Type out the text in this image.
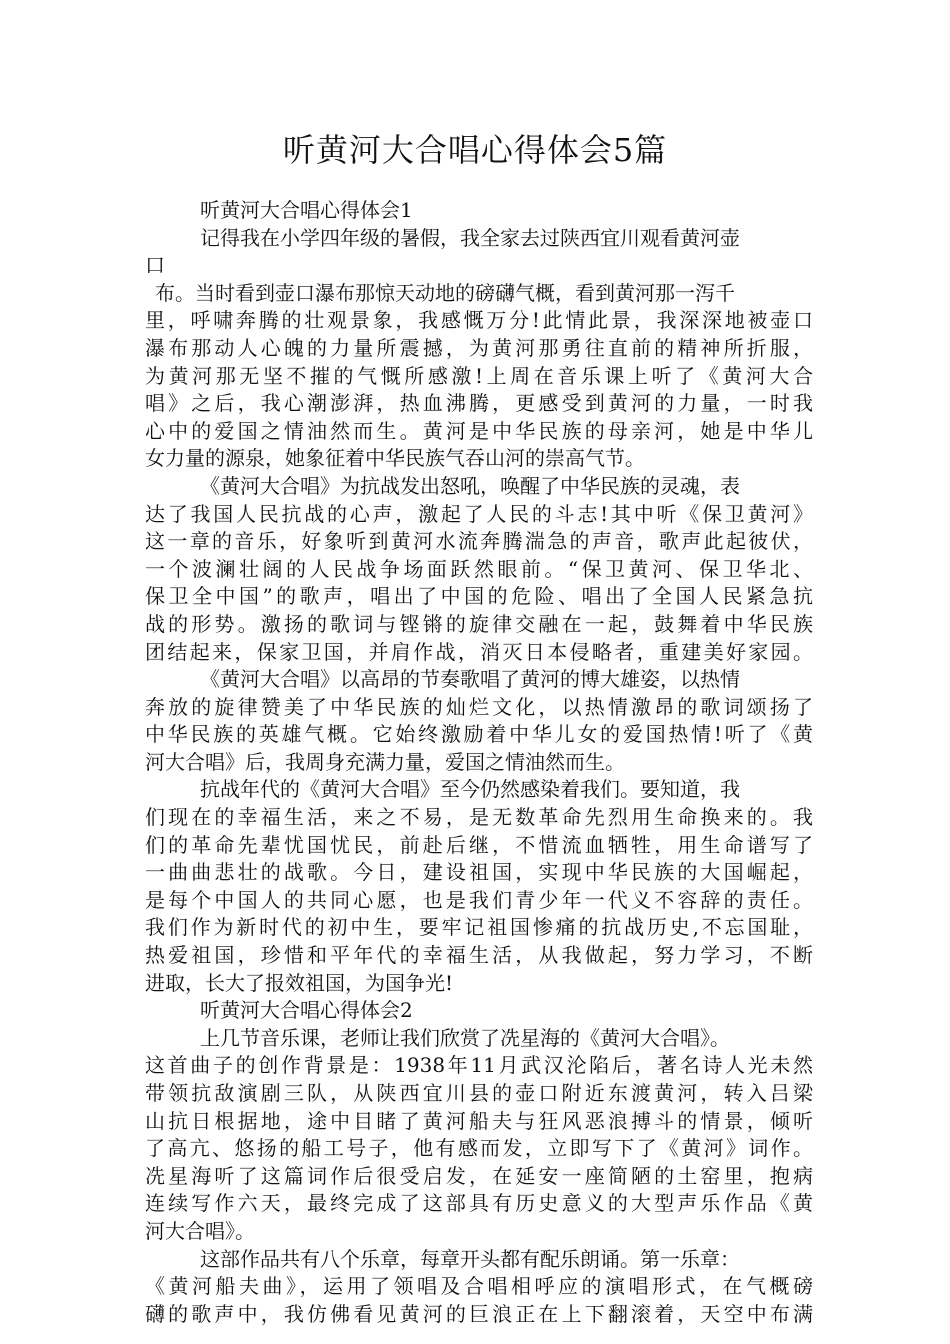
听黄河大合唱心得体会5篇
听黄河大合唱心得体会1
记得我在小学四年级的暑假，我全家去过陕西宜川观看黄河壶
口
布。当时看到壶口瀑布那惊天动地的磅礴气概，看到黄河那一泻千
里，呼啸奔腾的壮观景象，我感慨万分!此情此景，我深深地被壶口
瀑布那动人心魄的力量所震撼，为黄河那勇往直前的精神所折服，
为黄河那无坚不摧的气慨所感激!上周在音乐课上听了《黄河大合
唱》之后，我心潮澎湃，热血沸腾，更感受到黄河的力量，一时我
心中的爱国之情油然而生。黄河是中华民族的母亲河，她是中华儿
女力量的源泉，她象征着中华民族气吞山河的崇高气节。
《黄河大合唱》为抗战发出怒吼，唤醒了中华民族的灵魂，表
达了我国人民抗战的心声，激起了人民的斗志!其中听《保卫黄河》
这一章的音乐，好象听到黄河水流奔腾湍急的声音，歌声此起彼伏，
一个波澜壮阔的人民战争场面跃然眼前。“保卫黄河、保卫华北、
保卫全中国”的歌声，唱出了中国的危险、唱出了全国人民紧急抗
战的形势。激扬的歌词与铿锵的旋律交融在一起，鼓舞着中华民族
团结起来，保家卫国，并肩作战，消灭日本侵略者，重建美好家园。
《黄河大合唱》以高昂的节奏歌唱了黄河的博大雄姿，以热情
奔放的旋律赞美了中华民族的灿烂文化，以热情激昂的歌词颂扬了
中华民族的英雄气概。它始终激励着中华儿女的爱国热情!听了《黄
河大合唱》后，我周身充满力量，爱国之情油然而生。
抗战年代的《黄河大合唱》至今仍然感染着我们。要知道，我
们现在的幸福生活，来之不易，是无数革命先烈用生命换来的。我
们的革命先辈忧国忧民，前赴后继，不惜流血牺牲，用生命谱写了
一曲曲悲壮的战歌。今日，建设祖国，实现中华民族的大国崛起，
是每个中国人的共同心愿，也是我们青少年一代义不容辞的责任。
我们作为新时代的初中生，要牢记祖国惨痛的抗战历史,不忘国耻，
热爱祖国，珍惜和平年代的幸福生活，从我做起，努力学习，不断
进取，长大了报效祖国，为国争光!
听黄河大合唱心得体会2
上几节音乐课，老师让我们欣赏了冼星海的《黄河大合唱》。
这首曲子的创作背景是：1938年11月武汉沦陷后，著名诗人光未然
带领抗敌演剧三队，从陕西宜川县的壶口附近东渡黄河，转入吕梁
山抗日根据地，途中目睹了黄河船夫与狂风恶浪搏斗的情景，倾听
了高亢、悠扬的船工号子，他有感而发，立即写下了《黄河》词作。
冼星海听了这篇词作后很受启发，在延安一座简陋的土窑里，抱病
连续写作六天，最终完成了这部具有历史意义的大型声乐作品《黄
河大合唱》。
这部作品共有八个乐章，每章开头都有配乐朗诵。第一乐章：
《黄河船夫曲》，运用了领唱及合唱相呼应的演唱形式，在气概磅
礴的歌声中，我仿佛看见黄河的巨浪正在上下翻滚着，天空中布满
